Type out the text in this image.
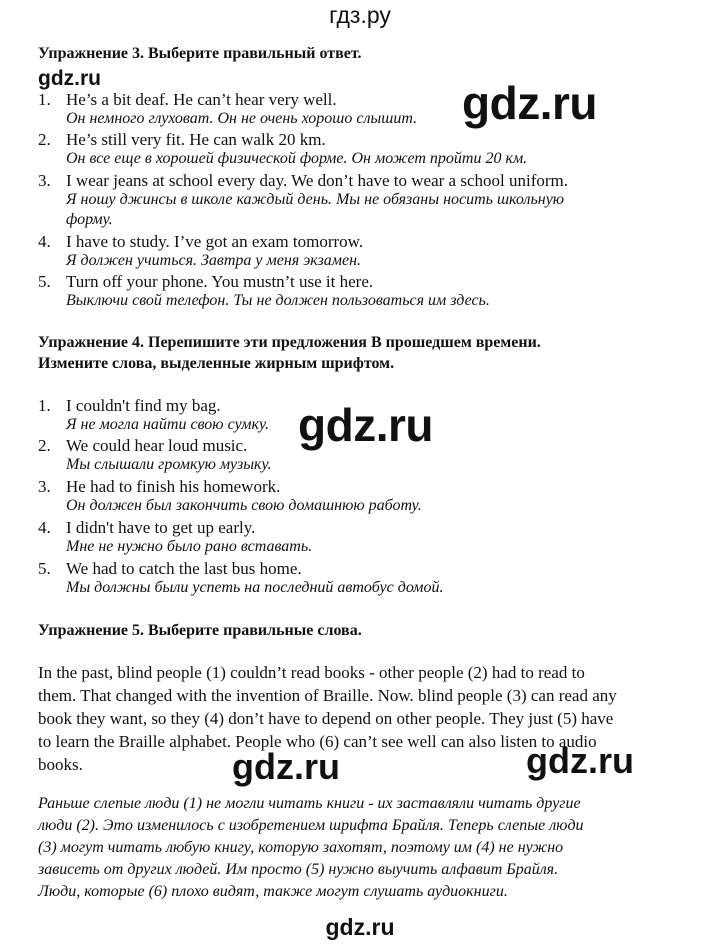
гдз.ру
Упражнение 3. Выберите правильный ответ.
gdz.ru
1. He’s a bit deaf. He can’t hear very well.
Он немного глуховат. Он не очень хорошо слышит. gdz.ru
2. He’s still very fit. He can walk 20 km.
Он все еще в хорошей физической форме. Он может пройти 20 км.
3. I wear jeans at school every day. We don’t have to wear a school uniform.
Я ношу джинсы в школе каждый день. Мы не обязаны носить школьную
форму.
4. I have to study. I’ve got an exam tomorrow.
Я должен учиться. Завтра у меня экзамен.
5. Turn off your phone. You mustn’t use it here.
Выключи свой телефон. Ты не должен пользоваться им здесь.
Упражнение 4. Перепишите эти предложения В прошедшем времени.
Измените слова, выделенные жирным шрифтом.
1. I couldn't find my bag.
Я не могла найти свою сумку. gdz.ru
2. We could hear loud music.
Мы слышали громкую музыку.
3. He had to finish his homework.
Он должен был закончить свою домашнюю работу.
4. I didn't have to get up early.
Мне не нужно было рано вставать.
5. We had to catch the last bus home.
Мы должны были успеть на последний автобус домой.
Упражнение 5. Выберите правильные слова.
In the past, blind people (1) couldn’t read books - other people (2) had to read to
them. That changed with the invention of Braille. Now. blind people (3) can read any
book they want, so they (4) don’t have to depend on other people. They just (5) have
to learn the Braille alphabet. People who (6) can’t see well can also listen to audio
books.	gdz.ru	gdz.ru
Раньше слепые люди (1) не могли читать книги - их заставляли читать другие
люди (2). Это изменилось с изобретением шрифта Брайля. Теперь слепые люди
(3) могут читать любую книгу, которую захотят, поэтому им (4) не нужно
зависеть от других людей. Им просто (5) нужно выучить алфавит Брайля.
Люди, которые (6) плохо видят, также могут слушать аудиокниги.
gdz.ru
